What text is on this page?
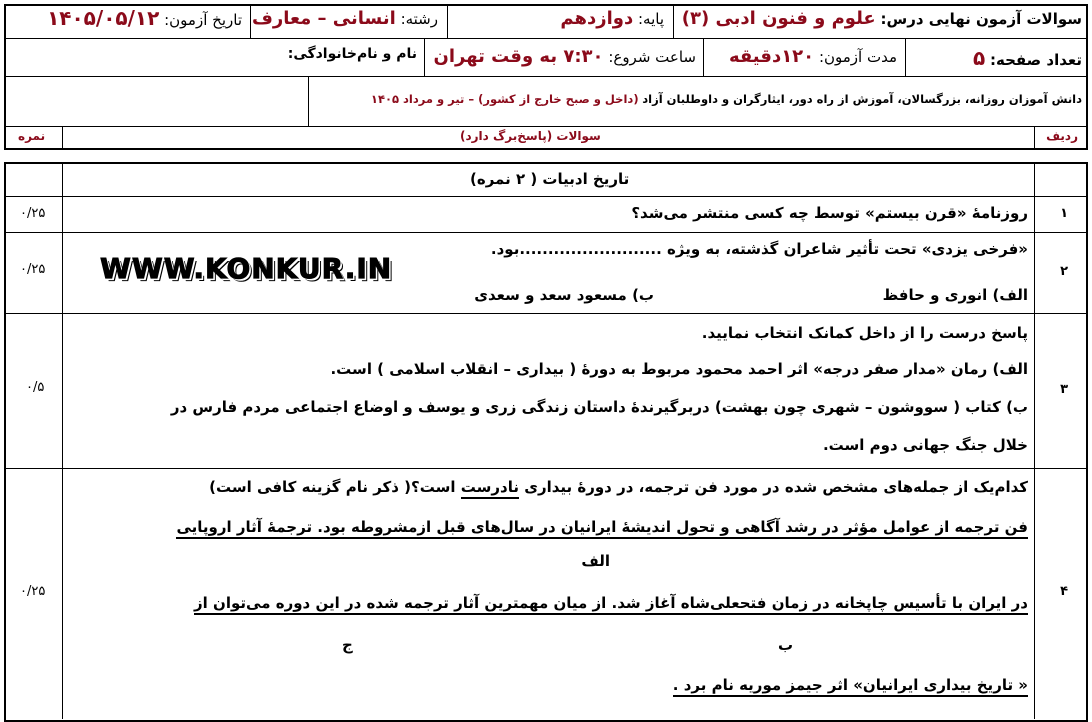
سوالات آزمون نهایی درس: علوم و فنون ادبی (۳)
پایه: دوازدهم
رشته: انسانی – معارف
تاریخ آزمون: ۱۴۰۵/۰۵/۱۲
تعداد صفحه: ۵
مدت آزمون: ۱۲۰دقیقه
ساعت شروع: ۷:۳۰ به وقت تهران
نام و نام‌خانوادگی:
دانش آموزان روزانه، بزرگسالان، آموزش از راه دور، ایثارگران و داوطلبان آزاد (داخل و صبح خارج از کشور) – تیر و مرداد ۱۴۰۵
ردیف
سوالات (پاسخ‌برگ دارد)
نمره
تاریخ ادبیات ( ۲ نمره)
۱
روزنامهٔ «قرن بیستم» توسط چه کسی منتشر می‌شد؟
۰/۲۵
۲
«فرخی یزدی» تحت تأثیر شاعران گذشته، به ویژه .........................بود.
الف) انوری و حافظ
ب) مسعود سعد و سعدی
۰/۲۵ WWW.KONKUR.IN
۳
پاسخ درست را از داخل کمانک انتخاب نمایید.
الف) رمان «مدار صفر درجه» اثر احمد محمود مربوط به دورهٔ ( بیداری – انقلاب اسلامی ) است.
ب) کتاب ( سووشون – شهری چون بهشت) دربرگیرندهٔ داستان زندگی زری و یوسف و اوضاع اجتماعی مردم فارس در
خلال جنگ جهانی دوم است.
۰/۵
۴
۰/۲۵
کدام‌یک از جمله‌های مشخص شده در مورد فن ترجمه، در دورهٔ بیداری نادرست است؟( ذکر نام گزینه کافی است)
فن ترجمه از عوامل مؤثر در رشد آگاهی و تحول اندیشهٔ ایرانیان در سال‌های قبل ازمشروطه بود. ترجمهٔ آثار اروپایی
الف
در ایران با تأسیس چاپخانه در زمان فتحعلی‌شاه آغاز شد. از میان مهمترین آثار ترجمه شده در این دوره می‌توان از
ج	ب
« تاریخ بیداری ایرانیان» اثر جیمز موریه نام برد .
